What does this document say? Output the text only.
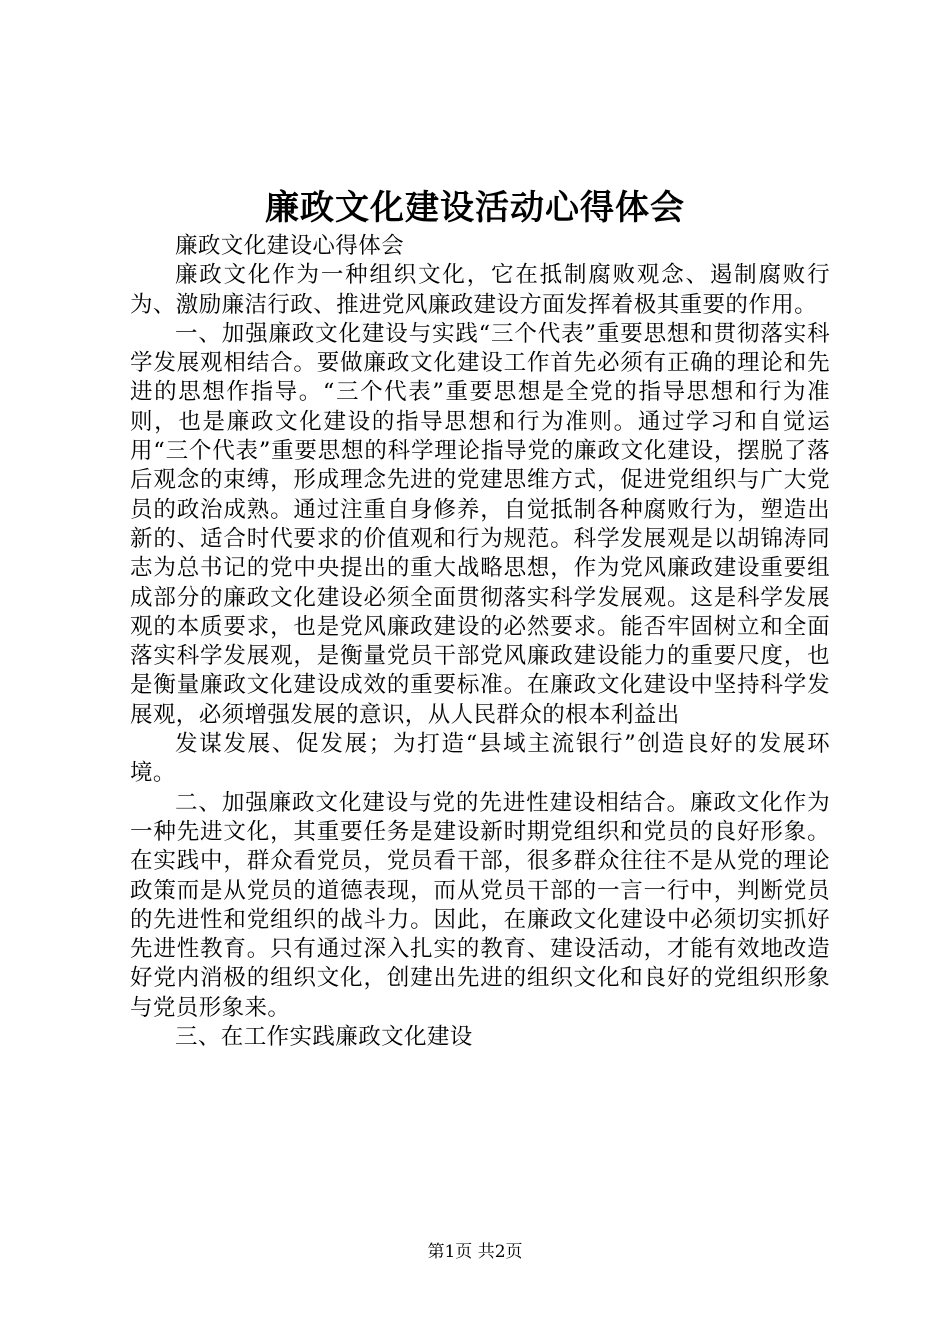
廉政文化建设活动心得体会

廉政文化建设心得体会

廉政文化作为一种组织文化，它在抵制腐败观念、遏制腐败行为、激励廉洁行政、推进党风廉政建设方面发挥着极其重要的作用。

一、加强廉政文化建设与实践“三个代表”重要思想和贯彻落实科学发展观相结合。要做廉政文化建设工作首先必须有正确的理论和先进的思想作指导。“三个代表”重要思想是全党的指导思想和行为准则，也是廉政文化建设的指导思想和行为准则。通过学习和自觉运用“三个代表”重要思想的科学理论指导党的廉政文化建设，摆脱了落后观念的束缚，形成理念先进的党建思维方式，促进党组织与广大党员的政治成熟。通过注重自身修养，自觉抵制各种腐败行为，塑造出新的、适合时代要求的价值观和行为规范。科学发展观是以胡锦涛同志为总书记的党中央提出的重大战略思想，作为党风廉政建设重要组成部分的廉政文化建设必须全面贯彻落实科学发展观。这是科学发展观的本质要求，也是党风廉政建设的必然要求。能否牢固树立和全面落实科学发展观，是衡量党员干部党风廉政建设能力的重要尺度，也是衡量廉政文化建设成效的重要标准。在廉政文化建设中坚持科学发展观，必须增强发展的意识，从人民群众的根本利益出

发谋发展、促发展；为打造“县域主流银行”创造良好的发展环境。

二、加强廉政文化建设与党的先进性建设相结合。廉政文化作为一种先进文化，其重要任务是建设新时期党组织和党员的良好形象。在实践中，群众看党员，党员看干部，很多群众往往不是从党的理论政策而是从党员的道德表现，而从党员干部的一言一行中，判断党员的先进性和党组织的战斗力。因此，在廉政文化建设中必须切实抓好先进性教育。只有通过深入扎实的教育、建设活动，才能有效地改造好党内消极的组织文化，创建出先进的组织文化和良好的党组织形象与党员形象来。

三、在工作实践廉政文化建设

第1页 共2页
